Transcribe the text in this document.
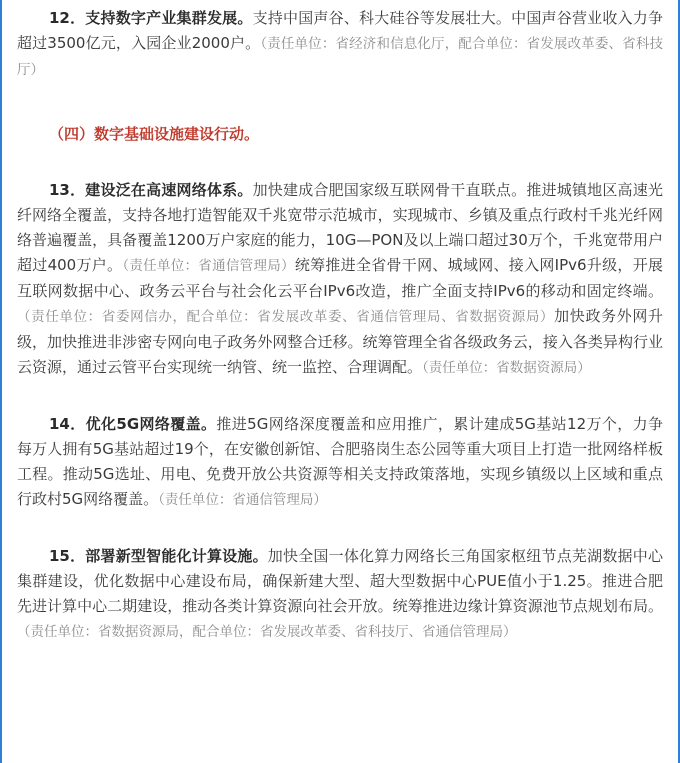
12．支持数字产业集群发展。支持中国声谷、科大硅谷等发展壮大。中国声谷营业收入力争超过3500亿元，入园企业2000户。（责任单位：省经济和信息化厅，配合单位：省发展改革委、省科技厅）

（四）数字基础设施建设行动。

13．建设泛在高速网络体系。加快建成合肥国家级互联网骨干直联点。推进城镇地区高速光纤网络全覆盖，支持各地打造智能双千兆宽带示范城市，实现城市、乡镇及重点行政村千兆光纤网络普遍覆盖，具备覆盖1200万户家庭的能力，10G—PON及以上端口超过30万个，千兆宽带用户超过400万户。（责任单位：省通信管理局）统筹推进全省骨干网、城域网、接入网IPv6升级，开展互联网数据中心、政务云平台与社会化云平台IPv6改造，推广全面支持IPv6的移动和固定终端。（责任单位：省委网信办，配合单位：省发展改革委、省通信管理局、省数据资源局）加快政务外网升级，加快推进非涉密专网向电子政务外网整合迁移。统筹管理全省各级政务云，接入各类异构行业云资源，通过云管平台实现统一纳管、统一监控、合理调配。（责任单位：省数据资源局）

14．优化5G网络覆盖。推进5G网络深度覆盖和应用推广，累计建成5G基站12万个，力争每万人拥有5G基站超过19个，在安徽创新馆、合肥骆岗生态公园等重大项目上打造一批网络样板工程。推动5G选址、用电、免费开放公共资源等相关支持政策落地，实现乡镇级以上区域和重点行政村5G网络覆盖。（责任单位：省通信管理局）

15．部署新型智能化计算设施。加快全国一体化算力网络长三角国家枢纽节点芜湖数据中心集群建设，优化数据中心建设布局，确保新建大型、超大型数据中心PUE值小于1.25。推进合肥先进计算中心二期建设，推动各类计算资源向社会开放。统筹推进边缘计算资源池节点规划布局。（责任单位：省数据资源局，配合单位：省发展改革委、省科技厅、省通信管理局）
